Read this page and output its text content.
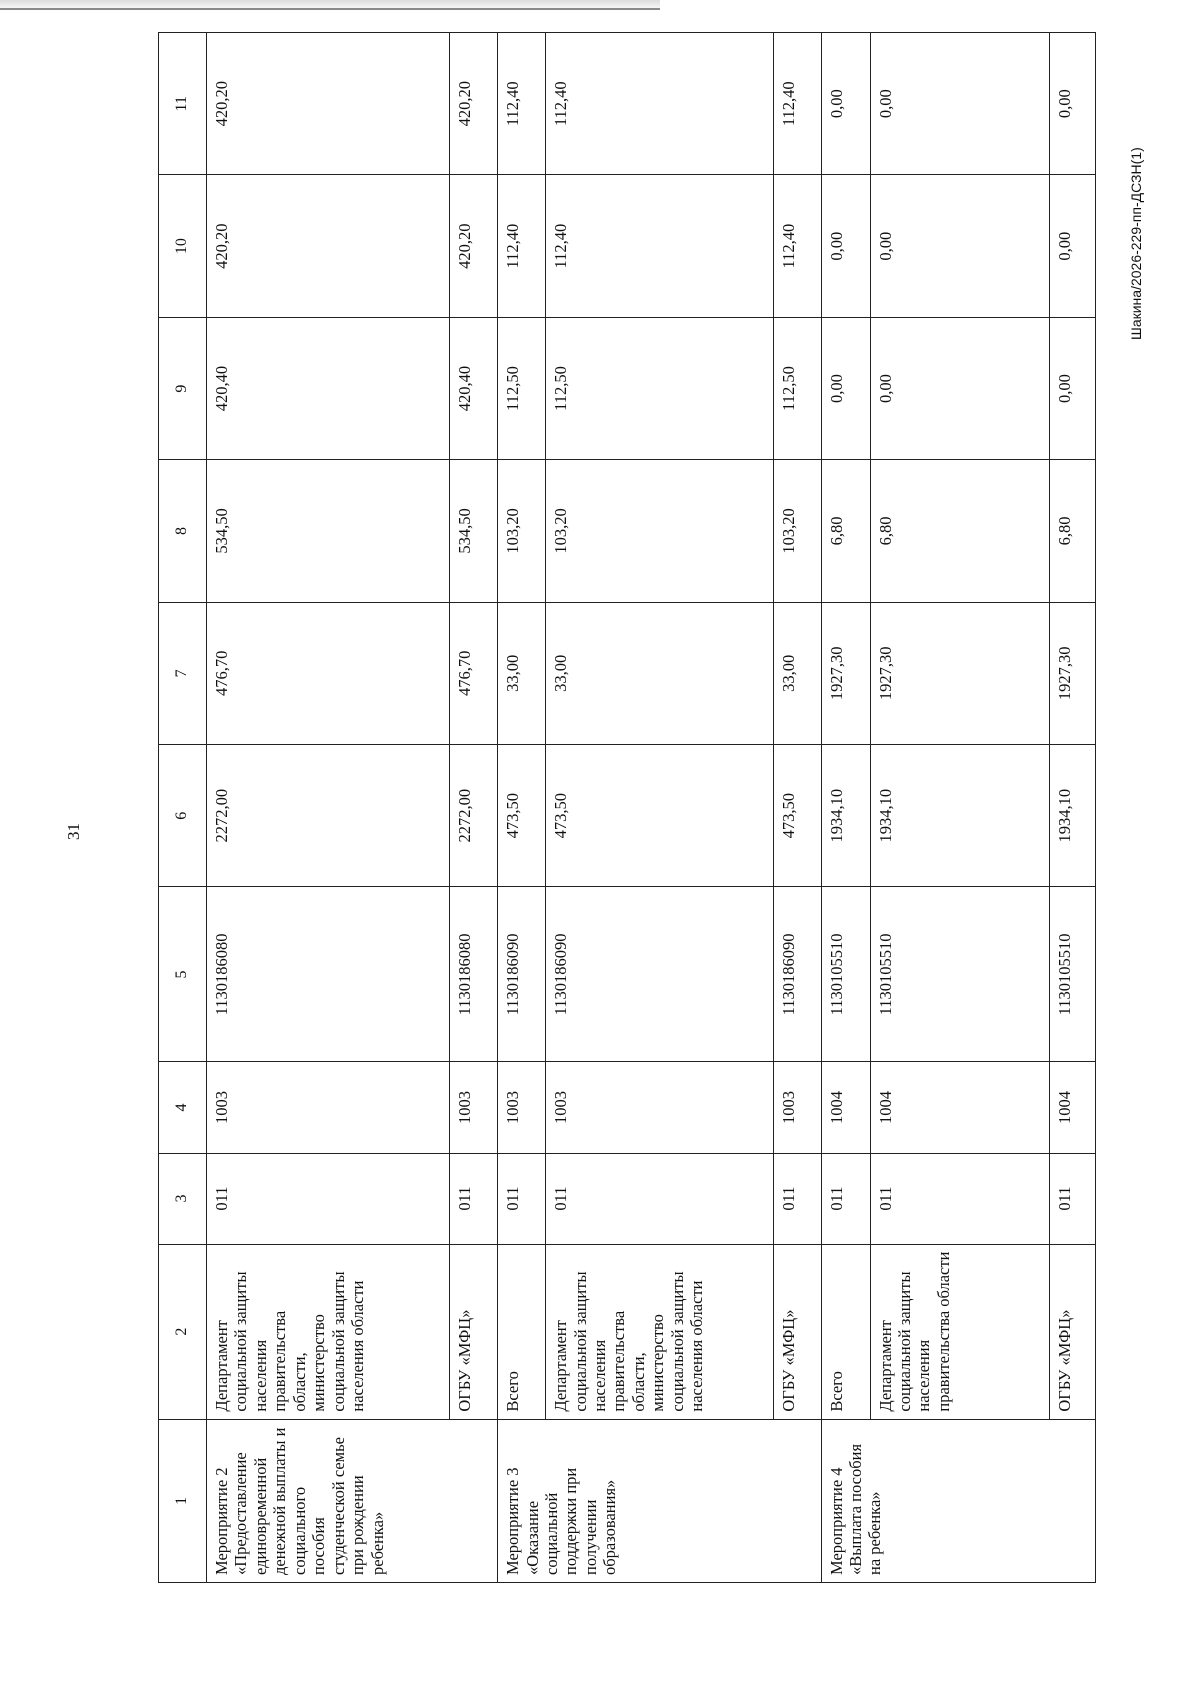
31
Шакина/2026-229-пп-ДСЗН(1)
1	2	3	4	5	6	7	8	9	10	11
Мероприятие 2 «Предоставление единовременной денежной выплаты и социального пособия студенческой семье при рождении ребенка»	Департамент социальной защиты населения правительства области, министерство социальной защиты населения области	011	1003	1130186080	2272,00	476,70	534,50	420,40	420,20	420,20
	ОГБУ «МФЦ»	011	1003	1130186080	2272,00	476,70	534,50	420,40	420,20	420,20
Мероприятие 3 «Оказание социальной поддержки при получении образования»	Всего	011	1003	1130186090	473,50	33,00	103,20	112,50	112,40	112,40
	Департамент социальной защиты населения правительства области, министерство социальной защиты населения области	011	1003	1130186090	473,50	33,00	103,20	112,50	112,40	112,40
	ОГБУ «МФЦ»	011	1003	1130186090	473,50	33,00	103,20	112,50	112,40	112,40
Мероприятие 4 «Выплата пособия на ребенка»	Всего	011	1004	1130105510	1934,10	1927,30	6,80	0,00	0,00	0,00
	Департамент социальной защиты населения правительства области	011	1004	1130105510	1934,10	1927,30	6,80	0,00	0,00	0,00
	ОГБУ «МФЦ»	011	1004	1130105510	1934,10	1927,30	6,80	0,00	0,00	0,00
